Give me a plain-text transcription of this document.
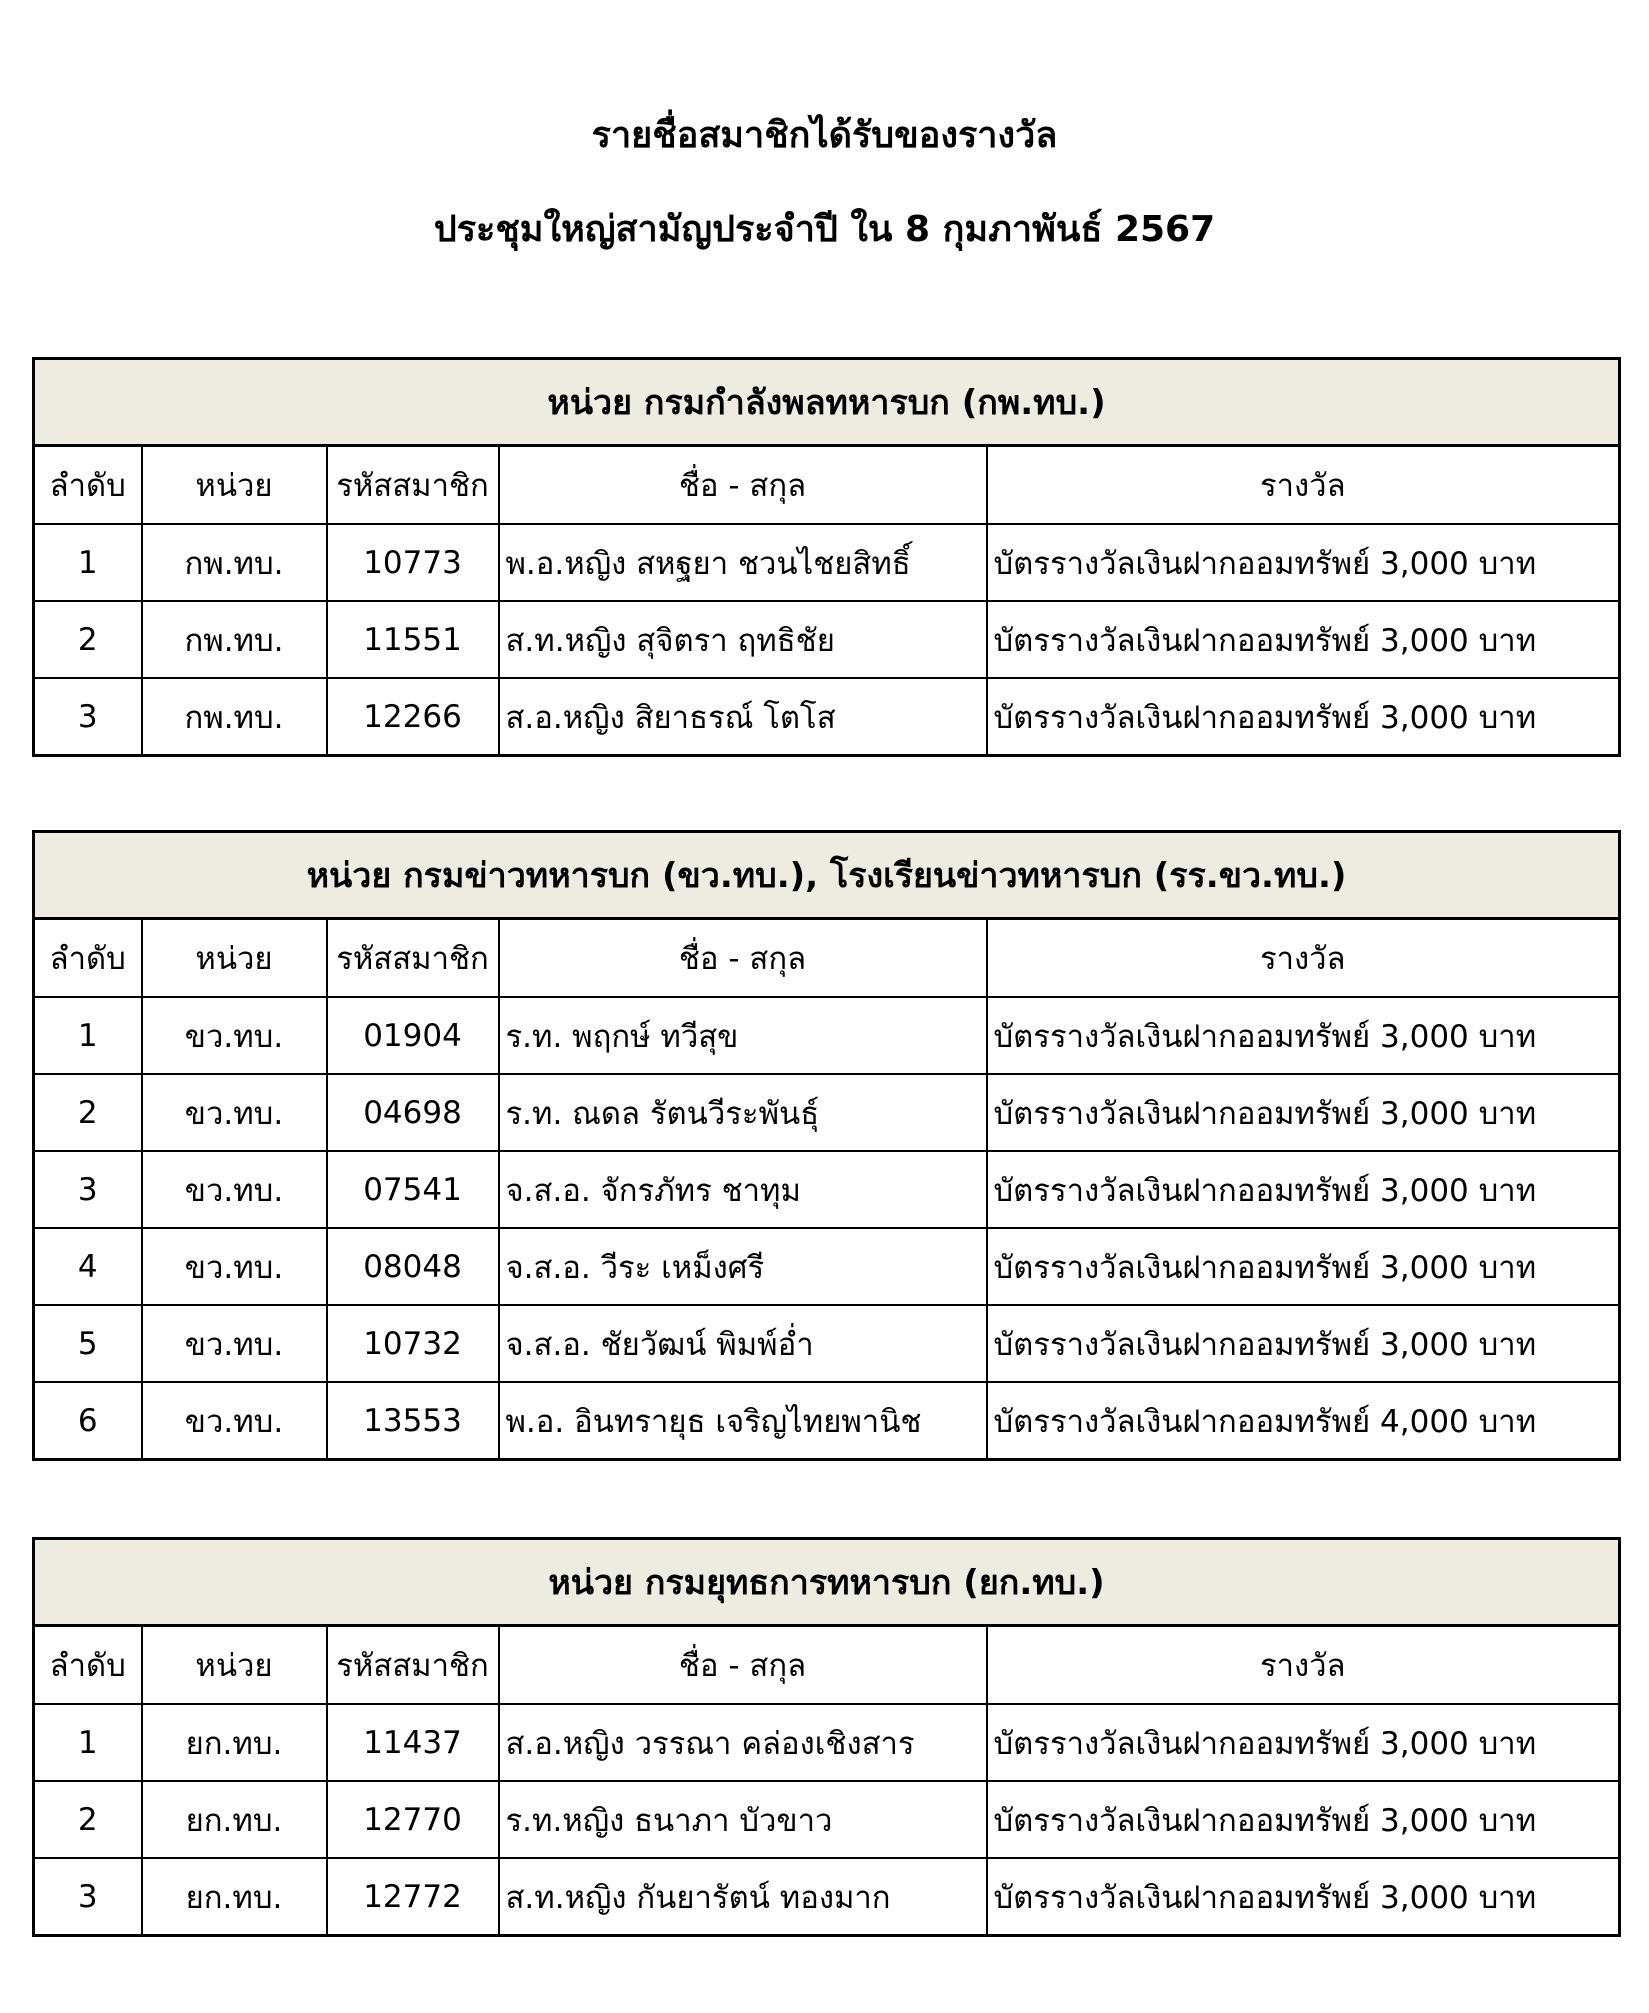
รายชื่อสมาชิกได้รับของรางวัล
ประชุมใหญ่สามัญประจำปี ใน 8 กุมภาพันธ์ 2567
หน่วย กรมกำลังพลทหารบก (กพ.ทบ.)				
ลำดับ	หน่วย	รหัสสมาชิก	ชื่อ - สกุล	รางวัล
1	กพ.ทบ.	10773	พ.อ.หญิง สหฐยา ชวนไชยสิทธิ์	บัตรรางวัลเงินฝากออมทรัพย์ 3,000 บาท
2	กพ.ทบ.	11551	ส.ท.หญิง สุจิตรา ฤทธิชัย	บัตรรางวัลเงินฝากออมทรัพย์ 3,000 บาท
3	กพ.ทบ.	12266	ส.อ.หญิง สิยาธรณ์ โตโส	บัตรรางวัลเงินฝากออมทรัพย์ 3,000 บาท
หน่วย กรมข่าวทหารบก (ขว.ทบ.), โรงเรียนข่าวทหารบก (รร.ขว.ทบ.)				
ลำดับ	หน่วย	รหัสสมาชิก	ชื่อ - สกุล	รางวัล
1	ขว.ทบ.	01904	ร.ท. พฤกษ์ ทวีสุข	บัตรรางวัลเงินฝากออมทรัพย์ 3,000 บาท
2	ขว.ทบ.	04698	ร.ท. ณดล รัตนวีระพันธุ์	บัตรรางวัลเงินฝากออมทรัพย์ 3,000 บาท
3	ขว.ทบ.	07541	จ.ส.อ. จักรภัทร ชาทุม	บัตรรางวัลเงินฝากออมทรัพย์ 3,000 บาท
4	ขว.ทบ.	08048	จ.ส.อ. วีระ เหม็งศรี	บัตรรางวัลเงินฝากออมทรัพย์ 3,000 บาท
5	ขว.ทบ.	10732	จ.ส.อ. ชัยวัฒน์ พิมพ์อ่ำ	บัตรรางวัลเงินฝากออมทรัพย์ 3,000 บาท
6	ขว.ทบ.	13553	พ.อ. อินทรายุธ เจริญไทยพานิช	บัตรรางวัลเงินฝากออมทรัพย์ 4,000 บาท
หน่วย กรมยุทธการทหารบก (ยก.ทบ.)				
ลำดับ	หน่วย	รหัสสมาชิก	ชื่อ - สกุล	รางวัล
1	ยก.ทบ.	11437	ส.อ.หญิง วรรณา คล่องเชิงสาร	บัตรรางวัลเงินฝากออมทรัพย์ 3,000 บาท
2	ยก.ทบ.	12770	ร.ท.หญิง ธนาภา บัวขาว	บัตรรางวัลเงินฝากออมทรัพย์ 3,000 บาท
3	ยก.ทบ.	12772	ส.ท.หญิง กันยารัตน์ ทองมาก	บัตรรางวัลเงินฝากออมทรัพย์ 3,000 บาท
